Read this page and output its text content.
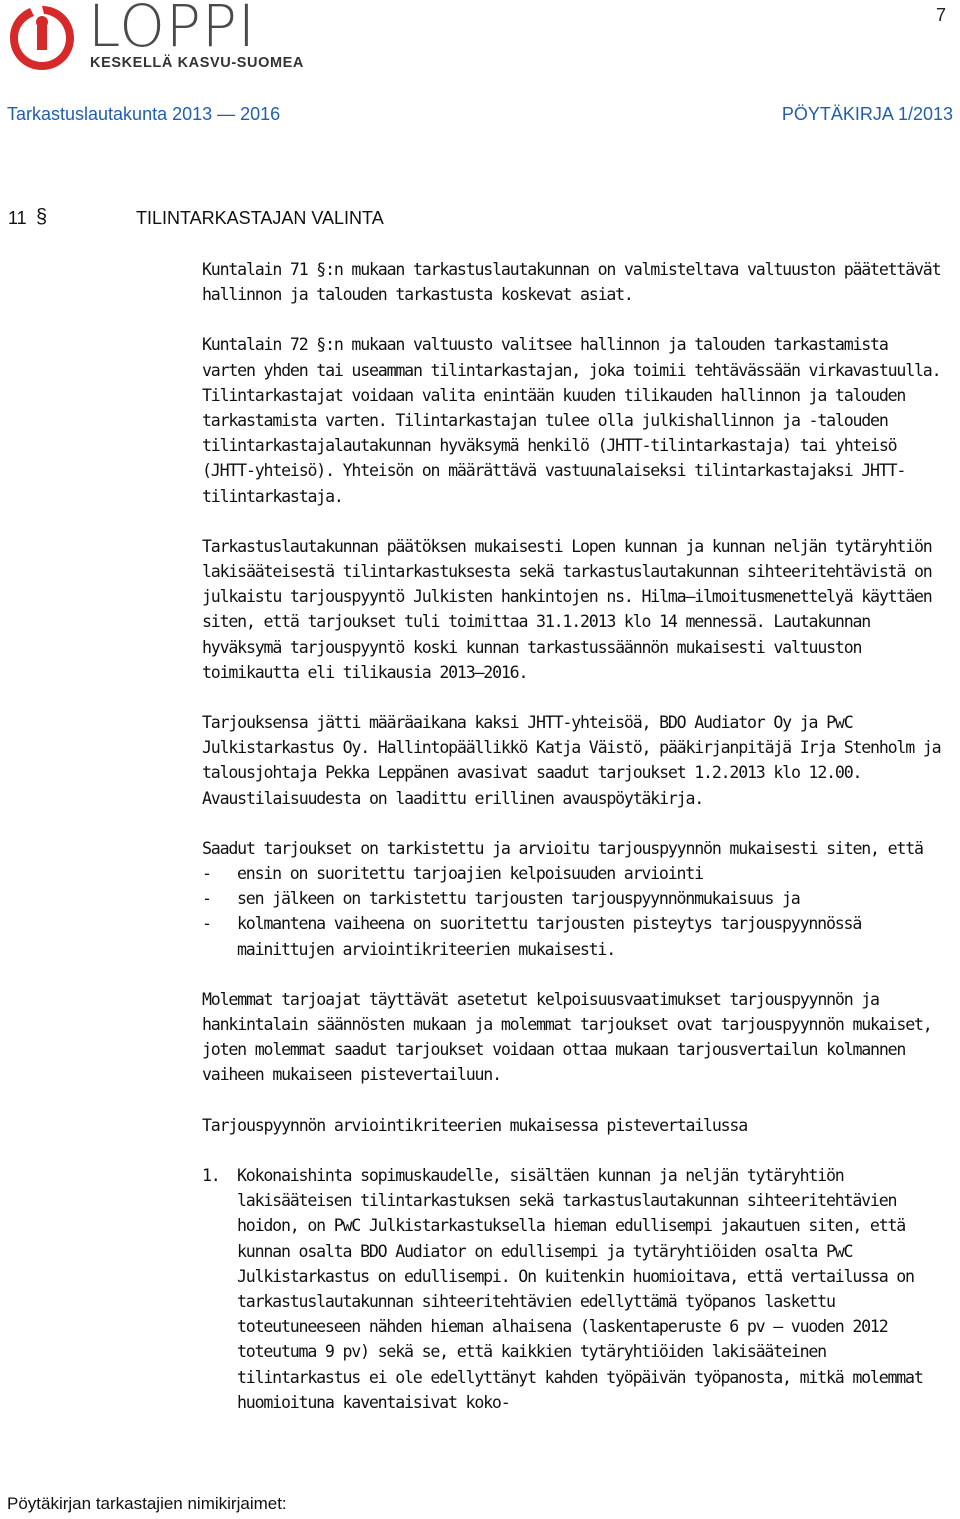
LOPPI
KESKELLÄ KASVU-SUOMEA
7
Tarkastuslautakunta 2013 — 2016	PÖYTÄKIRJA 1/2013
11 §	TILINTARKASTAJAN VALINTA

Kuntalain 71 §:n mukaan tarkastuslautakunnan on valmisteltava valtuuston päätettävät hallinnon ja talouden tarkastusta koskevat asiat.

Kuntalain 72 §:n mukaan valtuusto valitsee hallinnon ja talouden tarkastamista varten yhden tai useamman tilintarkastajan, joka toimii tehtävässään virkavastuulla. Tilintarkastajat voidaan valita enintään kuuden tilikauden hallinnon ja talouden tarkastamista varten. Tilintarkastajan tulee olla julkishallinnon ja -talouden tilintarkastajalautakunnan hyväksymä henkilö (JHTT-tilintarkastaja) tai yhteisö (JHTT-yhteisö). Yhteisön on määrättävä vastuunalaiseksi tilintarkastajaksi JHTT-tilintarkastaja.

Tarkastuslautakunnan päätöksen mukaisesti Lopen kunnan ja kunnan neljän tytäryhtiön lakisääteisestä tilintarkastuksesta sekä tarkastuslautakunnan sihteeritehtävistä on julkaistu tarjouspyyntö Julkisten hankintojen ns. Hilma—ilmoitusmenettelyä käyttäen siten, että tarjoukset tuli toimittaa 31.1.2013 klo 14 mennessä. Lautakunnan hyväksymä tarjouspyyntö koski kunnan tarkastussäännön mukaisesti valtuuston toimikautta eli tilikausia 2013—2016.

Tarjouksensa jätti määräaikana kaksi JHTT-yhteisöä, BDO Audiator Oy ja PwC Julkistarkastus Oy. Hallintopäällikkö Katja Väistö, pääkirjanpitäjä Irja Stenholm ja talousjohtaja Pekka Leppänen avasivat saadut tarjoukset 1.2.2013 klo 12.00. Avaustilaisuudesta on laadittu erillinen avauspöytäkirja.

Saadut tarjoukset on tarkistettu ja arvioitu tarjouspyynnön mukaisesti siten, että
-	ensin on suoritettu tarjoajien kelpoisuuden arviointi
-	sen jälkeen on tarkistettu tarjousten tarjouspyynnönmukaisuus ja
-	kolmantena vaiheena on suoritettu tarjousten pisteytys tarjouspyynnössä mainittujen arviointikriteerien mukaisesti.

Molemmat tarjoajat täyttävät asetetut kelpoisuusvaatimukset tarjouspyynnön ja hankintalain säännösten mukaan ja molemmat tarjoukset ovat tarjouspyynnön mukaiset, joten molemmat saadut tarjoukset voidaan ottaa mukaan tarjousvertailun kolmannen vaiheen mukaiseen pistevertailuun.

Tarjouspyynnön arviointikriteerien mukaisessa pistevertailussa

1.	Kokonaishinta sopimuskaudelle, sisältäen kunnan ja neljän tytäryhtiön lakisääteisen tilintarkastuksen sekä tarkastuslautakunnan sihteeritehtävien hoidon, on PwC Julkistarkastuksella hieman edullisempi jakautuen siten, että kunnan osalta BDO Audiator on edullisempi ja tytäryhtiöiden osalta PwC Julkistarkastus on edullisempi. On kuitenkin huomioitava, että vertailussa on tarkastuslautakunnan sihteeritehtävien edellyttämä työpanos laskettu toteutuneeseen nähden hieman alhaisena (laskentaperuste 6 pv — vuoden 2012 toteutuma 9 pv) sekä se, että kaikkien tytäryhtiöiden lakisääteinen tilintarkastus ei ole edellyttänyt kahden työpäivän työpanosta, mitkä molemmat huomioituna kaventaisivat koko-
Pöytäkirjan tarkastajien nimikirjaimet:
